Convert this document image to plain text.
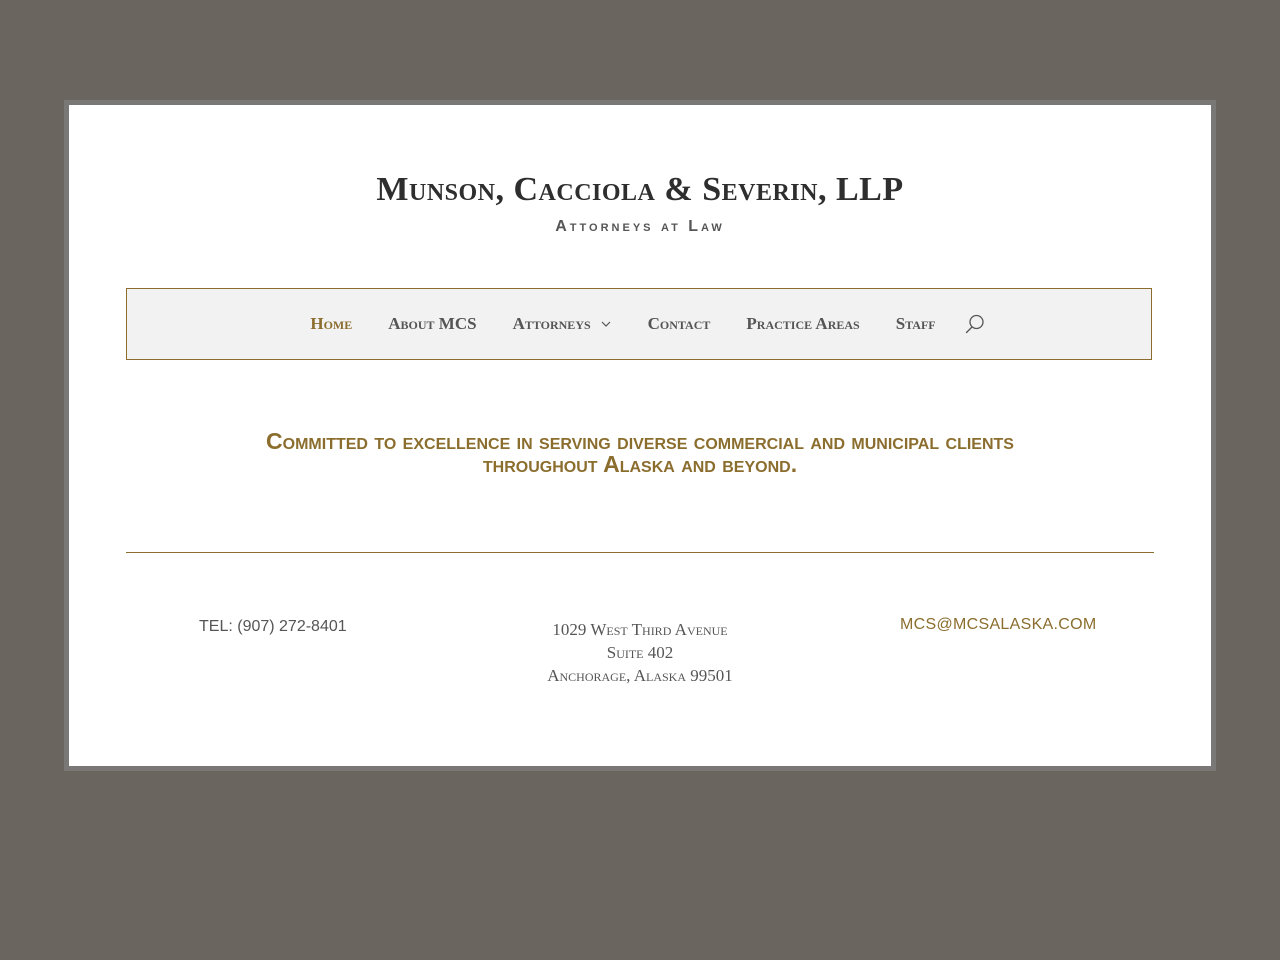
Munson, Cacciola & Severin, LLP
Attorneys at Law
Home About MCS Attorneys	Contact Practice Areas Staff
Committed to excellence in serving diverse commercial and municipal clients
throughout Alaska and beyond.
TEL: (907) 272-8401	1029 West Third Avenue
Suite 402
Anchorage, Alaska 99501
MCS@MCSALASKA.COM
